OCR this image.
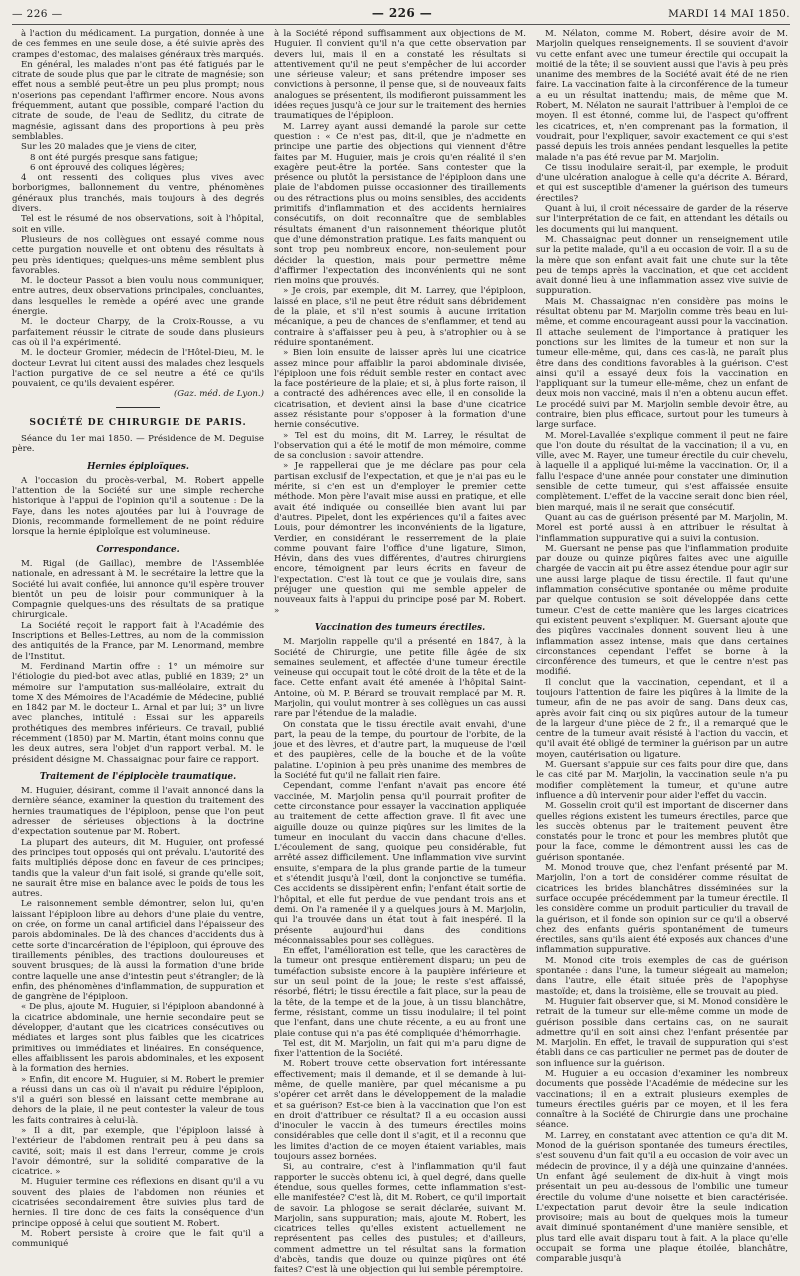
— 226 —	— 226 —	MARDI 14 MAI 1850.

à l'action du médicament. La purgation, donnée à une de ces femmes en une seule dose, a été suivie après des crampes d'estomac, des malaises généraux très marqués.

En général, les malades n'ont pas été fatigués par le citrate de soude plus que par le citrate de magnésie; son effet nous a semblé peut-être un peu plus prompt; nous n'oserions pas cependant l'affirmer encore. Nous avons fréquemment, autant que possible, comparé l'action du citrate de soude, de l'eau de Sedlitz, du citrate de magnésie, agissant dans des proportions à peu près semblables.

Sur les 20 malades que je viens de citer,

8 ont été purgés presque sans fatigue;

6 ont éprouvé des coliques légères;

4 ont ressenti des coliques plus vives avec borborigmes, ballonnement du ventre, phénomènes généraux plus tranchés, mais toujours à des degrés divers.

Tel est le résumé de nos observations, soit à l'hôpital, soit en ville.

Plusieurs de nos collègues ont essayé comme nous cette purgation nouvelle et ont obtenu des résultats à peu près identiques; quelques-uns même semblent plus favorables.

M. le docteur Passot a bien voulu nous communiquer, entre autres, deux observations principales, concluantes, dans lesquelles le remède a opéré avec une grande énergie.

M. le docteur Charpy, de la Croix-Rousse, a vu parfaitement réussir le citrate de soude dans plusieurs cas où il l'a expérimenté.

M. le docteur Gromier, médecin de l'Hôtel-Dieu, M. le docteur Levrat lui citent aussi des malades chez lesquels l'action purgative de ce sel neutre a été ce qu'ils pouvaient, ce qu'ils devaient espérer.

(Gaz. méd. de Lyon.)

SOCIÉTÉ DE CHIRURGIE DE PARIS.

Séance du 1er mai 1850. — Présidence de M. Deguise père.

Hernies épiploïques.

A l'occasion du procès-verbal, M. Robert appelle l'attention de la Société sur une simple recherche historique à l'appui de l'opinion qu'il a soutenue : De la Faye, dans les notes ajoutées par lui à l'ouvrage de Dionis, recommande formellement de ne point réduire lorsque la hernie épiploïque est volumineuse.

Correspondance.

M. Rigal (de Gaillac), membre de l'Assemblée nationale, en adressant à M. le secrétaire la lettre que la Société lui avait confiée, lui annonce qu'il espère trouver bientôt un peu de loisir pour communiquer à la Compagnie quelques-uns des résultats de sa pratique chirurgicale.

La Société reçoit le rapport fait à l'Académie des Inscriptions et Belles-Lettres, au nom de la commission des antiquités de la France, par M. Lenormand, membre de l'Institut.

M. Ferdinand Martin offre : 1° un mémoire sur l'étiologie du pied-bot avec atlas, publié en 1839; 2° un mémoire sur l'amputation sus-malléolaire, extrait du tome X des Mémoires de l'Académie de Médecine, publié en 1842 par M. le docteur L. Arnal et par lui; 3° un livre avec planches, intitulé : Essai sur les appareils prothétiques des membres inférieurs. Ce travail, publié récemment (1850) par M. Martin, étant moins connu que les deux autres, sera l'objet d'un rapport verbal. M. le président désigne M. Chassaignac pour faire ce rapport.

Traitement de l'épiplocèle traumatique.

M. Huguier, désirant, comme il l'avait annoncé dans la dernière séance, examiner la question du traitement des hernies traumatiques de l'épiploon, pense que l'on peut adresser de sérieuses objections à la doctrine d'expectation soutenue par M. Robert.

La plupart des auteurs, dit M. Huguier, ont professé des principes tout opposés qui ont prévalu. L'autorité des faits multipliés dépose donc en faveur de ces principes; tandis que la valeur d'un fait isolé, si grande qu'elle soit, ne saurait être mise en balance avec le poids de tous les autres.

Le raisonnement semble démontrer, selon lui, qu'en laissant l'épiploon libre au dehors d'une plaie du ventre, on crée, on forme un canal artificiel dans l'épaisseur des parois abdominales. De là des chances d'accidents dus à cette sorte d'incarcération de l'épiploon, qui éprouve des tiraillements pénibles, des tractions douloureuses et souvent brusques; de là aussi la formation d'une bride contre laquelle une anse d'intestin peut s'étrangler; de là enfin, des phénomènes d'inflammation, de suppuration et de gangrène de l'épiploon.

« De plus, ajoute M. Huguier, si l'épiploon abandonné à la cicatrice abdominale, une hernie secondaire peut se développer, d'autant que les cicatrices consécutives ou médiates et larges sont plus faibles que les cicatrices primitives ou immédiates et linéaires. En conséquence, elles affaiblissent les parois abdominales, et les exposent à la formation des hernies.

» Enfin, dit encore M. Huguier, si M. Robert le premier a réussi dans un cas où il n'avait pu réduire l'épiploon, s'il a guéri son blessé en laissant cette membrane au dehors de la plaie, il ne peut contester la valeur de tous les faits contraires à celui-là.

» Il a dit, par exemple, que l'épiploon laissé à l'extérieur de l'abdomen rentrait peu à peu dans sa cavité, soit; mais il est dans l'erreur, comme je crois l'avoir démontré, sur la solidité comparative de la cicatrice. »

M. Huguier termine ces réflexions en disant qu'il a vu souvent des plaies de l'abdomen non réunies et cicatrisées secondairement être suivies plus tard de hernies. Il tire donc de ces faits la conséquence d'un principe opposé à celui que soutient M. Robert.

M. Robert persiste à croire que le fait qu'il a communiqué

à la Société répond suffisamment aux objections de M. Huguier. Il convient qu'il n'a que cette observation par devers lui, mais il en a constaté les résultats si attentivement qu'il ne peut s'empêcher de lui accorder une sérieuse valeur; et sans prétendre imposer ses convictions à personne, il pense que, si de nouveaux faits analogues se présentent, ils modifieront puissamment les idées reçues jusqu'à ce jour sur le traitement des hernies traumatiques de l'épiploon.

M. Larrey ayant aussi demandé la parole sur cette question : « Ce n'est pas, dit-il, que je n'admette en principe une partie des objections qui viennent d'être faites par M. Huguier, mais je crois qu'en réalité il s'en exagère peut-être la portée. Sans contester que la présence ou plutôt la persistance de l'épiploon dans une plaie de l'abdomen puisse occasionner des tiraillements ou des rétractions plus ou moins sensibles, des accidents primitifs d'inflammation et des accidents herniaires consécutifs, on doit reconnaître que de semblables résultats émanent d'un raisonnement théorique plutôt que d'une démonstration pratique. Les faits manquent ou sont trop peu nombreux encore, non-seulement pour décider la question, mais pour permettre même d'affirmer l'expectation des inconvénients qui ne sont rien moins que prouvés.

» Je crois, par exemple, dit M. Larrey, que l'épiploon, laissé en place, s'il ne peut être réduit sans débridement de la plaie, et s'il n'est soumis à aucune irritation mécanique, a peu de chances de s'enflammer, et tend au contraire à s'affaisser peu à peu, à s'atrophier ou à se réduire spontanément.

» Bien loin ensuite de laisser après lui une cicatrice assez mince pour affaiblir la paroi abdominale divisée, l'épiploon une fois réduit semble rester en contact avec la face postérieure de la plaie; et si, à plus forte raison, il a contracté des adhérences avec elle, il en consolide la cicatrisation, et devient ainsi la base d'une cicatrice assez résistante pour s'opposer à la formation d'une hernie consécutive.

» Tel est du moins, dit M. Larrey, le résultat de l'observation qui a été le motif de mon mémoire, comme de sa conclusion : savoir attendre.

» Je rappellerai que je me déclare pas pour cela partisan exclusif de l'expectation, et que je n'ai pas eu le mérite, si c'en est un d'employer le premier cette méthode. Mon père l'avait mise aussi en pratique, et elle avait été indiquée ou conseillée bien avant lui par d'autres. Pipelet, dont les expériences qu'il a faites avec Louis, pour démontrer les inconvénients de la ligature, Verdier, en considérant le resserrement de la plaie comme pouvant faire l'office d'une ligature, Simon, Hévin, dans des vues différentes, d'autres chirurgiens encore, témoignent par leurs écrits en faveur de l'expectation. C'est là tout ce que je voulais dire, sans préjuger une question qui me semble appeler de nouveaux faits à l'appui du principe posé par M. Robert. »

Vaccination des tumeurs érectiles.

M. Marjolin rappelle qu'il a présenté en 1847, à la Société de Chirurgie, une petite fille âgée de six semaines seulement, et affectée d'une tumeur érectile veineuse qui occupait tout le côté droit de la tête et de la face. Cette enfant avait été amenée à l'hôpital Saint-Antoine, où M. P. Bérard se trouvait remplacé par M. R. Marjolin, qui voulut montrer à ses collègues un cas aussi rare par l'étendue de la maladie.

On constata que le tissu érectile avait envahi, d'une part, la peau de la tempe, du pourtour de l'orbite, de la joue et des lèvres, et d'autre part, la muqueuse de l'œil et des paupières, celle de la bouche et de la voûte palatine. L'opinion à peu près unanime des membres de la Société fut qu'il ne fallait rien faire.

Cependant, comme l'enfant n'avait pas encore été vaccinée, M. Marjolin pensa qu'il pourrait profiter de cette circonstance pour essayer la vaccination appliquée au traitement de cette affection grave. Il fit avec une aiguille douze ou quinze piqûres sur les limites de la tumeur en inoculant du vaccin dans chacune d'elles. L'écoulement de sang, quoique peu considérable, fut arrêté assez difficilement. Une inflammation vive survint ensuite, s'empara de la plus grande partie de la tumeur et s'étendit jusqu'à l'œil, dont la conjonctive se tuméfia. Ces accidents se dissipèrent enfin; l'enfant était sortie de l'hôpital, et elle fut perdue de vue pendant trois ans et demi. On l'a ramenée il y a quelques jours à M. Marjolin, qui l'a trouvée dans un état tout à fait inespéré. Il la présente aujourd'hui dans des conditions méconnaissables pour ses collègues.

En effet, l'amélioration est telle, que les caractères de la tumeur ont presque entièrement disparu; un peu de tuméfaction subsiste encore à la paupière inférieure et sur un seul point de la joue; le reste s'est affaissé, résorbé, flétri; le tissu érectile a fait place, sur la peau de la tête, de la tempe et de la joue, à un tissu blanchâtre, ferme, résistant, comme un tissu inodulaire; il tel point que l'enfant, dans une chute récente, a eu au front une plaie contuse qui n'a pas été compliquée d'hémorrhagie.

Tel est, dit M. Marjolin, un fait qui m'a paru digne de fixer l'attention de la Société.

M. Robert trouve cette observation fort intéressante effectivement; mais il demande, et il se demande à lui-même, de quelle manière, par quel mécanisme a pu s'opérer cet arrêt dans le développement de la maladie et sa guérison? Est-ce bien à la vaccination que l'on est en droit d'attribuer ce résultat? Il a eu occasion aussi d'inoculer le vaccin à des tumeurs érectiles moins considérables que celle dont il s'agit, et il a reconnu que les limites d'action de ce moyen étaient variables, mais toujours assez bornées.

Si, au contraire, c'est à l'inflammation qu'il faut rapporter le succès obtenu ici, à quel degré, dans quelle étendue, sous quelles formes, cette inflammation s'est-elle manifestée? C'est là, dit M. Robert, ce qu'il importait de savoir. La phlogose se serait déclarée, suivant M. Marjolin, sans suppuration; mais, ajoute M. Robert, les cicatrices telles qu'elles existent actuellement ne représentent pas celles des pustules; et d'ailleurs, comment admettre un tel résultat sans la formation d'abcès, tandis que douze ou quinze piqûres ont été faites? C'est là une objection qui lui semble péremptoire.

M. Nélaton, comme M. Robert, désire avoir de M. Marjolin quelques renseignements. Il se souvient d'avoir vu cette enfant avec une tumeur érectile qui occupait la moitié de la tête; il se souvient aussi que l'avis à peu près unanime des membres de la Société avait été de ne rien faire. La vaccination faite à la circonférence de la tumeur a eu un résultat inattendu; mais, de même que M. Robert, M. Nélaton ne saurait l'attribuer à l'emploi de ce moyen. Il est étonné, comme lui, de l'aspect qu'offrent les cicatrices, et, n'en comprenant pas la formation, il voudrait, pour l'expliquer, savoir exactement ce qui s'est passé depuis les trois années pendant lesquelles la petite malade n'a pas été revue par M. Marjolin.

Ce tissu inodulaire serait-il, par exemple, le produit d'une ulcération analogue à celle qu'a décrite A. Bérard, et qui est susceptible d'amener la guérison des tumeurs érectiles?

Quant à lui, il croit nécessaire de garder de la réserve sur l'interprétation de ce fait, en attendant les détails ou les documents qui lui manquent.

M. Chassaignac peut donner un renseignement utile sur la petite malade, qu'il a eu occasion de voir. Il a su de la mère que son enfant avait fait une chute sur la tête peu de temps après la vaccination, et que cet accident avait donné lieu à une inflammation assez vive suivie de suppuration.

Mais M. Chassaignac n'en considère pas moins le résultat obtenu par M. Marjolin comme très beau en lui-même, et comme encourageant aussi pour la vaccination. Il attache seulement de l'importance à pratiquer les ponctions sur les limites de la tumeur et non sur la tumeur elle-même, qui, dans ces cas-là, ne paraît plus être dans des conditions favorables à la guérison. C'est ainsi qu'il a essayé deux fois la vaccination en l'appliquant sur la tumeur elle-même, chez un enfant de deux mois non vacciné, mais il n'en a obtenu aucun effet. Le procédé suivi par M. Marjolin semble devoir être, au contraire, bien plus efficace, surtout pour les tumeurs à large surface.

M. Morel-Lavallée s'explique comment il peut ne faire que l'on doute du résultat de la vaccination; il a vu, en ville, avec M. Rayer, une tumeur érectile du cuir chevelu, à laquelle il a appliqué lui-même la vaccination. Or, il a fallu l'espace d'une année pour constater une diminution sensible de cette tumeur, qui s'est affaissée ensuite complètement. L'effet de la vaccine serait donc bien réel, bien marqué, mais il ne serait que consécutif.

Quant au cas de guérison présenté par M. Marjolin, M. Morel est porté aussi à en attribuer le résultat à l'inflammation suppurative qui a suivi la contusion.

M. Guersant ne pense pas que l'inflammation produite par douze ou quinze piqûres faites avec une aiguille chargée de vaccin ait pu être assez étendue pour agir sur une aussi large plaque de tissu érectile. Il faut qu'une inflammation consécutive spontanée ou même produite par quelque contusion se soit développée dans cette tumeur. C'est de cette manière que les larges cicatrices qui existent peuvent s'expliquer. M. Guersant ajoute que des piqûres vaccinales donnent souvent lieu à une inflammation assez intense, mais que dans certaines circonstances cependant l'effet se borne à la circonférence des tumeurs, et que le centre n'est pas modifié.

Il conclut que la vaccination, cependant, et il a toujours l'attention de faire les piqûres à la limite de la tumeur, afin de ne pas avoir de sang. Dans deux cas, après avoir fait cinq ou six piqûres autour de la tumeur de la largeur d'une pièce de 2 fr., il a remarqué que le centre de la tumeur avait résisté à l'action du vaccin, et qu'il avait été obligé de terminer la guérison par un autre moyen, cautérisation ou ligature.

M. Guersant s'appuie sur ces faits pour dire que, dans le cas cité par M. Marjolin, la vaccination seule n'a pu modifier complètement la tumeur, et qu'une autre influence a dû intervenir pour aider l'effet du vaccin.

M. Gosselin croit qu'il est important de discerner dans quelles régions existent les tumeurs érectiles, parce que les succès obtenus par le traitement peuvent être constatés pour le tronc et pour les membres plutôt que pour la face, comme le démontrent aussi les cas de guérison spontanée.

M. Monod trouve que, chez l'enfant présenté par M. Marjolin, l'on a tort de considérer comme résultat de cicatrices les brides blanchâtres disséminées sur la surface occupée précédemment par la tumeur érectile. Il les considère comme un produit particulier du travail de la guérison, et il fonde son opinion sur ce qu'il a observé chez des enfants guéris spontanément de tumeurs érectiles, sans qu'ils aient été exposés aux chances d'une inflammation suppurative.

M. Monod cite trois exemples de cas de guérison spontanée : dans l'une, la tumeur siégeait au mamelon; dans l'autre, elle était située près de l'apophyse mastoïde; et, dans la troisième, elle se trouvait au pied.

M. Huguier fait observer que, si M. Monod considère le retrait de la tumeur sur elle-même comme un mode de guérison possible dans certains cas, on ne saurait admettre qu'il en soit ainsi chez l'enfant présentée par M. Marjolin. En effet, le travail de suppuration qui s'est établi dans ce cas particulier ne permet pas de douter de son influence sur la guérison.

M. Huguier a eu occasion d'examiner les nombreux documents que possède l'Académie de médecine sur les vaccinations; il en a extrait plusieurs exemples de tumeurs érectiles guéris par ce moyen, et il les fera connaître à la Société de Chirurgie dans une prochaine séance.

M. Larrey, en constatant avec attention ce qu'a dit M. Monod de la guérison spontanée des tumeurs érectiles, s'est souvenu d'un fait qu'il a eu occasion de voir avec un médecin de province, il y a déjà une quinzaine d'années. Un enfant âgé seulement de dix-huit à vingt mois présentait un peu au-dessous de l'ombilic une tumeur érectile du volume d'une noisette et bien caractérisée. L'expectation parut devoir être la seule indication provisoire; mais au bout de quelques mois la tumeur avait diminué spontanément d'une manière sensible, et plus tard elle avait disparu tout à fait. A la place qu'elle occupait se forma une plaque étoilée, blanchâtre, comparable jusqu'à
